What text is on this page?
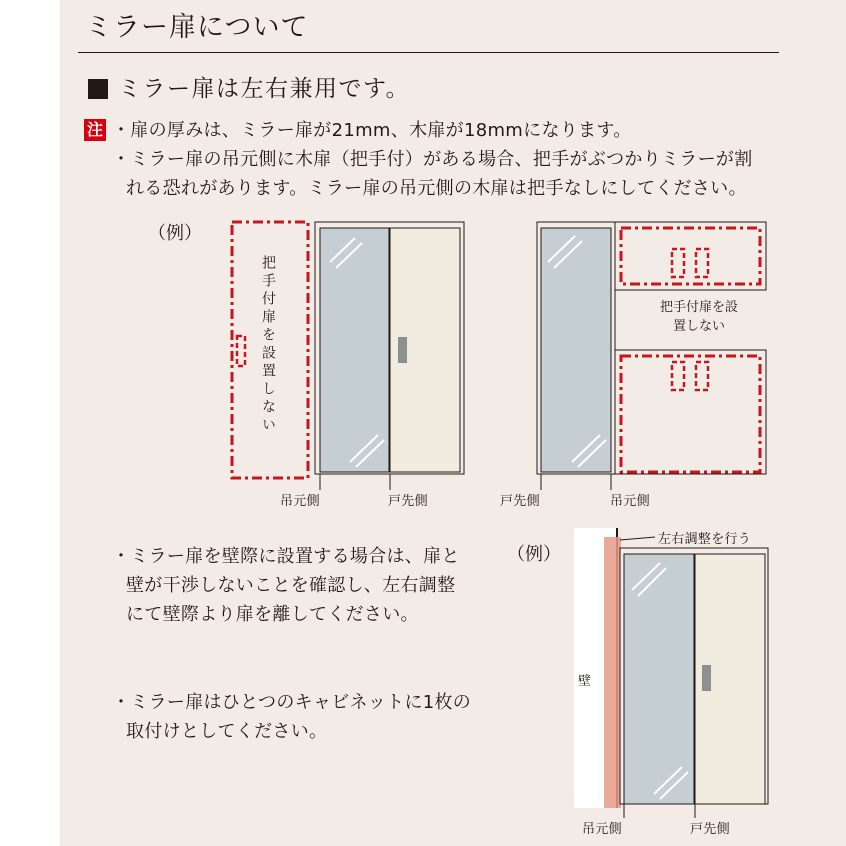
ミラー扉について
ミラー扉は左右兼用です。
注 ・扉の厚みは、ミラー扉が21mm、木扉が18mmになります。
・ミラー扉の吊元側に木扉（把手付）がある場合、把手がぶつかりミラーが割
れる恐れがあります。ミラー扉の吊元側の木扉は把手なしにしてください。
（例）
把手付扉を設置しない
吊元側	戸先側
把手付扉を設置しない
戸先側	吊元側
・ミラー扉を壁際に設置する場合は、扉と
壁が干渉しないことを確認し、左右調整
にて壁際より扉を離してください。
・ミラー扉はひとつのキャビネットに1枚の
取付けとしてください。
（例）
左右調整を行う
壁
吊元側	戸先側
